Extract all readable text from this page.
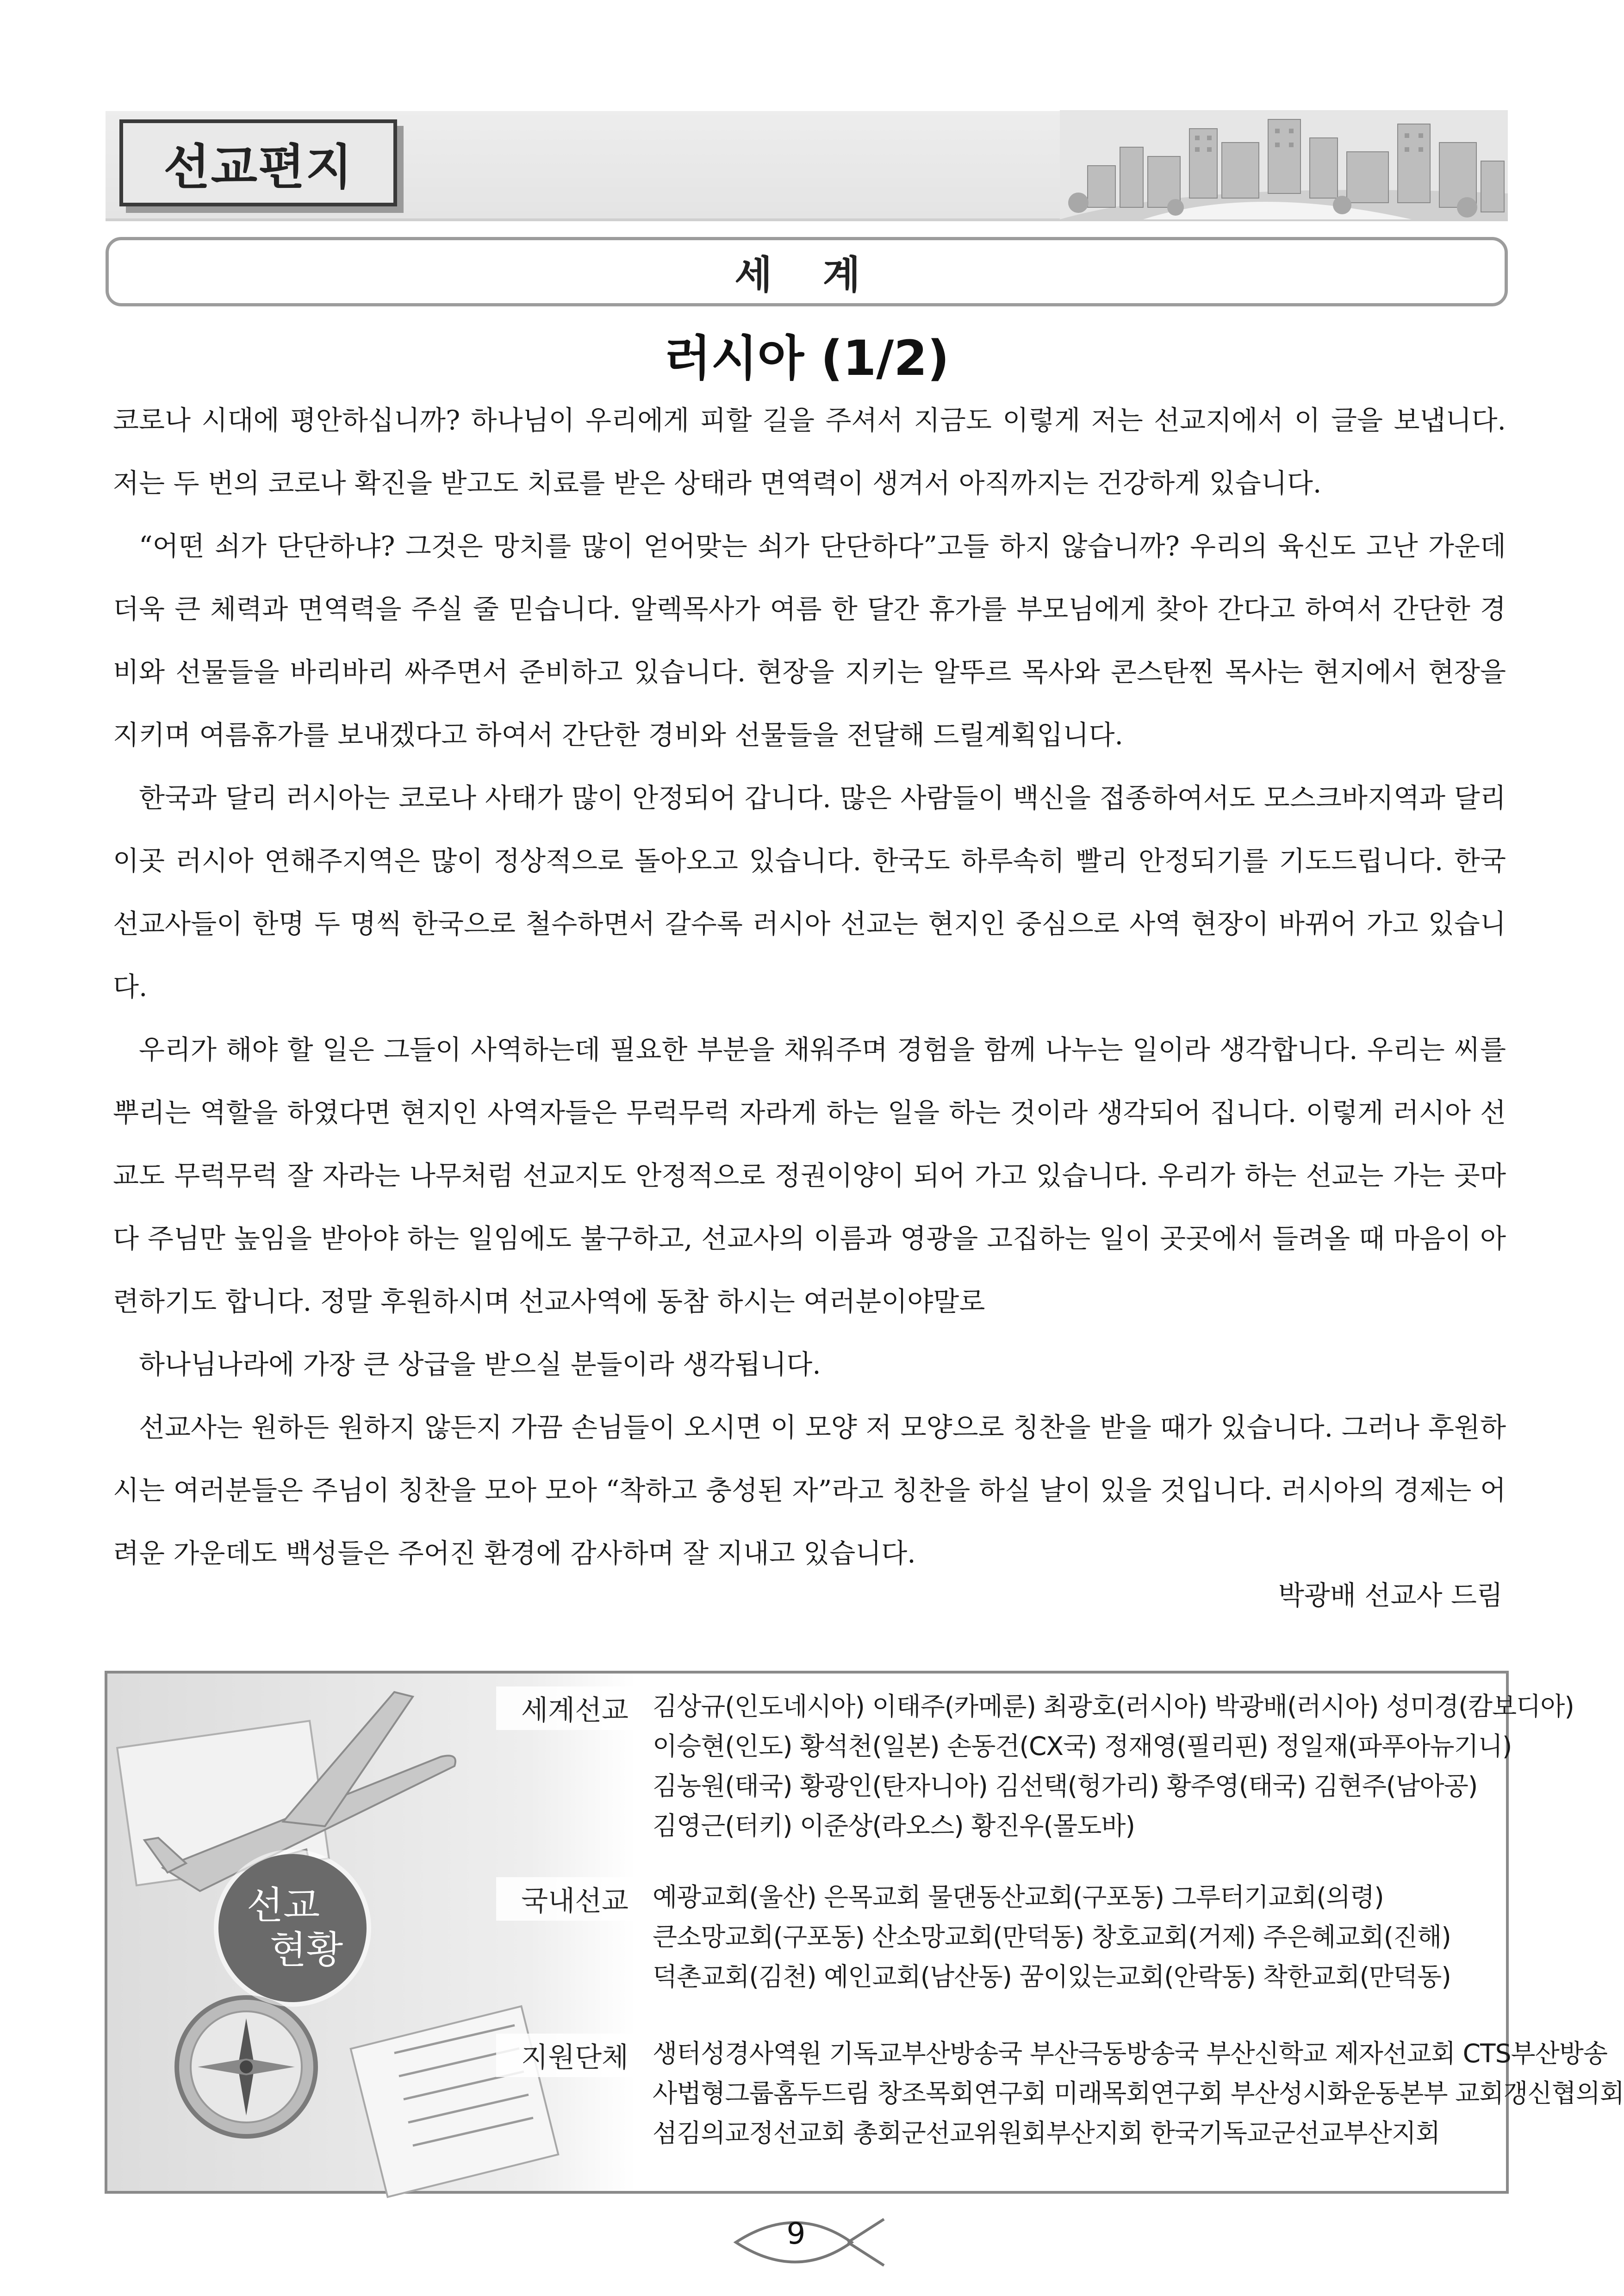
선교편지
세 계
러시아 (1/2)

코로나 시대에 평안하십니까? 하나님이 우리에게 피할 길을 주셔서 지금도 이렇게 저는 선교지에서 이 글을 보냅니다. 저는 두 번의 코로나 확진을 받고도 치료를 받은 상태라 면역력이 생겨서 아직까지는 건강하게 있습니다.

“어떤 쇠가 단단하냐? 그것은 망치를 많이 얻어맞는 쇠가 단단하다”고들 하지 않습니까? 우리의 육신도 고난 가운데 더욱 큰 체력과 면역력을 주실 줄 믿습니다. 알렉목사가 여름 한 달간 휴가를 부모님에게 찾아 간다고 하여서 간단한 경비와 선물들을 바리바리 싸주면서 준비하고 있습니다. 현장을 지키는 알뚜르 목사와 콘스탄찐 목사는 현지에서 현장을 지키며 여름휴가를 보내겠다고 하여서 간단한 경비와 선물들을 전달해 드릴계획입니다.

한국과 달리 러시아는 코로나 사태가 많이 안정되어 갑니다. 많은 사람들이 백신을 접종하여서도 모스크바지역과 달리이곳 러시아 연해주지역은 많이 정상적으로 돌아오고 있습니다. 한국도 하루속히 빨리 안정되기를 기도드립니다. 한국 선교사들이 한명 두 명씩 한국으로 철수하면서 갈수록 러시아 선교는 현지인 중심으로 사역 현장이 바뀌어 가고 있습니다.

우리가 해야 할 일은 그들이 사역하는데 필요한 부분을 채워주며 경험을 함께 나누는 일이라 생각합니다. 우리는 씨를 뿌리는 역할을 하였다면 현지인 사역자들은 무럭무럭 자라게 하는 일을 하는 것이라 생각되어 집니다. 이렇게 러시아 선교도 무럭무럭 잘 자라는 나무처럼 선교지도 안정적으로 정권이양이 되어 가고 있습니다. 우리가 하는 선교는 가는 곳마다 주님만 높임을 받아야 하는 일임에도 불구하고, 선교사의 이름과 영광을 고집하는 일이 곳곳에서 들려올 때 마음이 아련하기도 합니다. 정말 후원하시며 선교사역에 동참 하시는 여러분이야말로

하나님나라에 가장 큰 상급을 받으실 분들이라 생각됩니다.

선교사는 원하든 원하지 않든지 가끔 손님들이 오시면 이 모양 저 모양으로 칭찬을 받을 때가 있습니다. 그러나 후원하시는 여러분들은 주님이 칭찬을 모아 모아 “착하고 충성된 자”라고 칭찬을 하실 날이 있을 것입니다. 러시아의 경제는 어려운 가운데도 백성들은 주어진 환경에 감사하며 잘 지내고 있습니다.

박광배 선교사 드림
선교
현황
세계선교 김상규(인도네시아) 이태주(카메룬) 최광호(러시아) 박광배(러시아) 성미경(캄보디아)
이승현(인도) 황석천(일본) 손동건(CX국) 정재영(필리핀) 정일재(파푸아뉴기니)
김농원(태국) 황광인(탄자니아) 김선택(헝가리) 황주영(태국) 김현주(남아공)
김영근(터키) 이준상(라오스) 황진우(몰도바)
국내선교 예광교회(울산) 은목교회 물댄동산교회(구포동) 그루터기교회(의령)
큰소망교회(구포동) 산소망교회(만덕동) 창호교회(거제) 주은혜교회(진해)
덕촌교회(김천) 예인교회(남산동) 꿈이있는교회(안락동) 착한교회(만덕동)
지원단체 생터성경사역원 기독교부산방송국 부산극동방송국 부산신학교 제자선교회 CTS부산방송
사법형그룹홈두드림 창조목회연구회 미래목회연구회 부산성시화운동본부 교회갱신협의회
섬김의교정선교회 총회군선교위원회부산지회 한국기독교군선교부산지회
9
